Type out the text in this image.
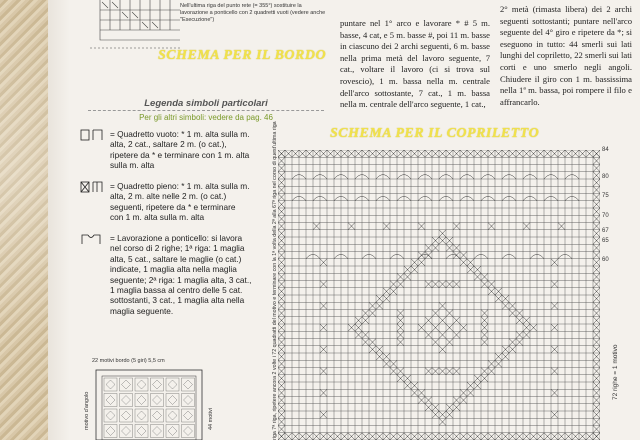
Nell'ultima riga del punto rete (= 355°) sostituire la lavorazione a ponticello con 2 quadretti vuoti (vedere anche "Esecuzione")
SCHEMA PER IL BORDO
Legenda simboli particolari
Per gli altri simboli: vedere da pag. 46
= Quadretto vuoto: * 1 m. alta sulla m. alta, 2 cat., saltare 2 m. (o cat.), ripetere da * e terminare con 1 m. alta sulla m. alta
= Quadretto pieno: * 1 m. alta sulla m. alta, 2 m. alte nelle 2 m. (o cat.) seguenti, ripetere da * e terminare con 1 m. alta sulla m. alta
= Lavorazione a ponticello: si lavora nel corso di 2 righe; 1ª riga: 1 maglia alta, 5 cat., saltare le maglie (o cat.) indicate, 1 maglia alta nella maglia seguente; 2ª riga: 1 maglia alta, 3 cat., 1 maglia bassa al centro delle 5 cat. sottostanti, 3 cat., 1 maglia alta nella maglia seguente.
puntare nel 1° arco e lavorare * # 5 m. basse, 4 cat, e 5 m. basse #, poi 11 m. basse in ciascuno dei 2 archi seguenti, 6 m. basse nella prima metà del lavoro seguente, 7 cat., voltare il lavoro (ci si trova sul rovescio), 1 m. bassa nella m. centrale dell'arco sottostante, 7 cat., 1 m. bassa nella m. centrale dell'arco seguente, 1 cat.,
2° metà (rimasta libera) dei 2 archi seguenti sottostanti; puntare nell'arco seguente del 4° giro e ripetere da *; si eseguono in tutto: 44 smerli sui lati lunghi del copriletto, 22 smerli sui lati corti e uno smerlo negli angoli. Chiudere il giro con 1 m. bassissima nella 1ª m. bassa, poi rompere il filo e affrancarlo.
SCHEMA PER IL COPRILETTO
84
80
75
70
67
65
60
riga 7ª riga, ripetere ancora 2 volte i 72 quadratti del motivo e terminare con la 1ª volta della 2ª alla 67ª riga nel corso di quest'ultima riga	72 righe = 1 motivo
22 motivi bordo (5 giri) 5,5 cm
motivo d'angolo	44 motivi
